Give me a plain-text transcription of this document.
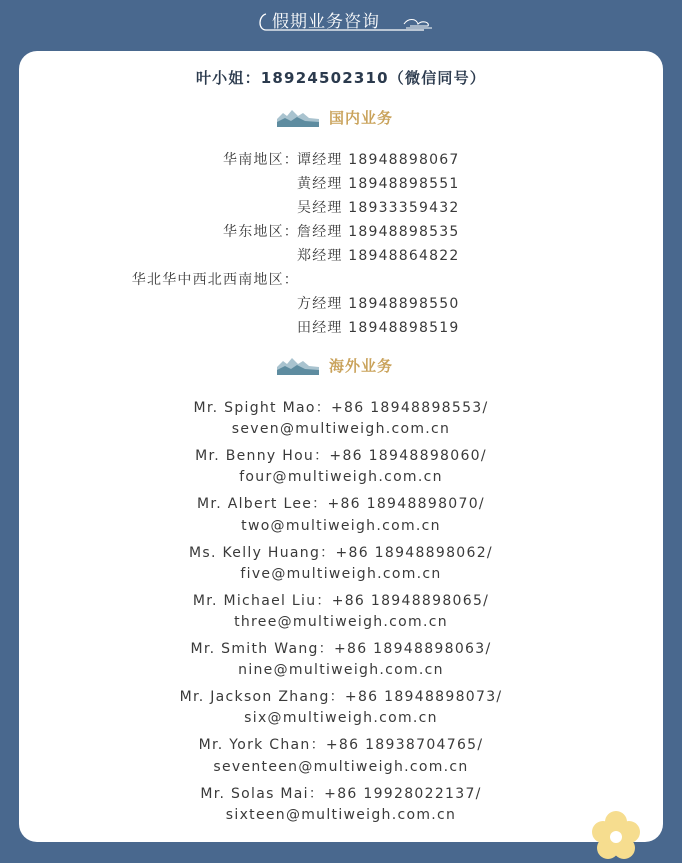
假期业务咨询
叶小姐：18924502310（微信同号）
国内业务
华南地区：
谭经理 18948898067
黄经理 18948898551
吴经理 18933359432
华东地区：
詹经理 18948898535
郑经理 18948864822
华北华中西北西南地区：
方经理 18948898550
田经理 18948898519
海外业务
Mr. Spight Mao：+86 18948898553/
seven@multiweigh.com.cn
Mr. Benny Hou：+86 18948898060/
four@multiweigh.com.cn
Mr. Albert Lee：+86 18948898070/
two@multiweigh.com.cn
Ms. Kelly Huang：+86 18948898062/
five@multiweigh.com.cn
Mr. Michael Liu：+86 18948898065/
three@multiweigh.com.cn
Mr. Smith Wang：+86 18948898063/
nine@multiweigh.com.cn
Mr. Jackson Zhang：+86 18948898073/
six@multiweigh.com.cn
Mr. York Chan：+86 18938704765/
seventeen@multiweigh.com.cn
Mr. Solas Mai：+86 19928022137/
sixteen@multiweigh.com.cn
